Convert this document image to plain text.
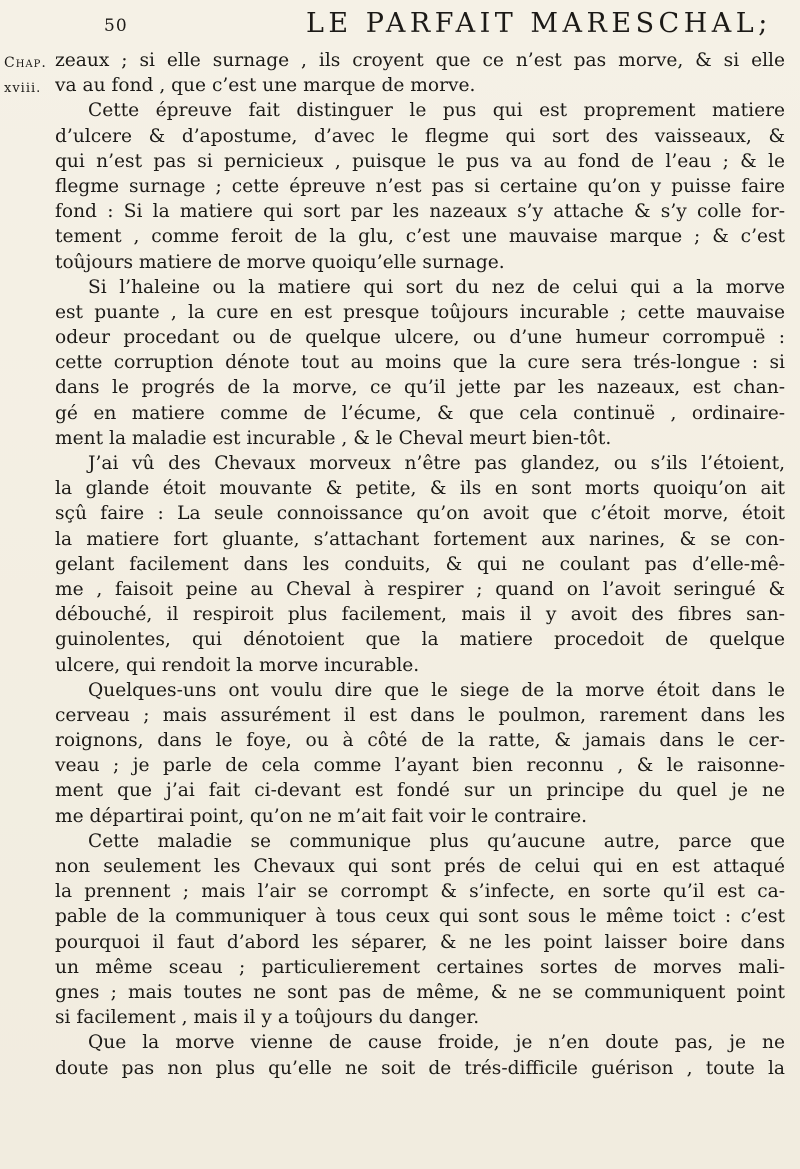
50	LE PARFAIT MARESCHAL;
Chap.
xviii.
zeaux ; si elle surnage , ils croyent que ce n’est pas morve, & si elle
va au fond , que c’est une marque de morve.
Cette épreuve fait distinguer le pus qui est proprement matiere
d’ulcere & d’apostume, d’avec le flegme qui sort des vaisseaux, &
qui n’est pas si pernicieux , puisque le pus va au fond de l’eau ; & le
flegme surnage ; cette épreuve n’est pas si certaine qu’on y puisse faire
fond : Si la matiere qui sort par les nazeaux s’y attache & s’y colle for-
tement , comme feroit de la glu, c’est une mauvaise marque ; & c’est
toûjours matiere de morve quoiqu’elle surnage.
Si l’haleine ou la matiere qui sort du nez de celui qui a la morve
est puante , la cure en est presque toûjours incurable ; cette mauvaise
odeur procedant ou de quelque ulcere, ou d’une humeur corrompuë :
cette corruption dénote tout au moins que la cure sera trés-longue : si
dans le progrés de la morve, ce qu’il jette par les nazeaux, est chan-
gé en matiere comme de l’écume, & que cela continuë , ordinaire-
ment la maladie est incurable , & le Cheval meurt bien-tôt.
J’ai vû des Chevaux morveux n’être pas glandez, ou s’ils l’étoient,
la glande étoit mouvante & petite, & ils en sont morts quoiqu’on ait
sçû faire : La seule connoissance qu’on avoit que c’étoit morve, étoit
la matiere fort gluante, s’attachant fortement aux narines, & se con-
gelant facilement dans les conduits, & qui ne coulant pas d’elle-mê-
me , faisoit peine au Cheval à respirer ; quand on l’avoit seringué &
débouché, il respiroit plus facilement, mais il y avoit des fibres san-
guinolentes, qui dénotoient que la matiere procedoit de quelque
ulcere, qui rendoit la morve incurable.
Quelques-uns ont voulu dire que le siege de la morve étoit dans le
cerveau ; mais assurément il est dans le poulmon, rarement dans les
roignons, dans le foye, ou à côté de la ratte, & jamais dans le cer-
veau ; je parle de cela comme l’ayant bien reconnu , & le raisonne-
ment que j’ai fait ci-devant est fondé sur un principe du quel je ne
me départirai point, qu’on ne m’ait fait voir le contraire.
Cette maladie se communique plus qu’aucune autre, parce que
non seulement les Chevaux qui sont prés de celui qui en est attaqué
la prennent ; mais l’air se corrompt & s’infecte, en sorte qu’il est ca-
pable de la communiquer à tous ceux qui sont sous le même toict : c’est
pourquoi il faut d’abord les séparer, & ne les point laisser boire dans
un même sceau ; particulierement certaines sortes de morves mali-
gnes ; mais toutes ne sont pas de même, & ne se communiquent point
si facilement , mais il y a toûjours du danger.
Que la morve vienne de cause froide, je n’en doute pas, je ne
doute pas non plus qu’elle ne soit de trés-difficile guérison , toute la
